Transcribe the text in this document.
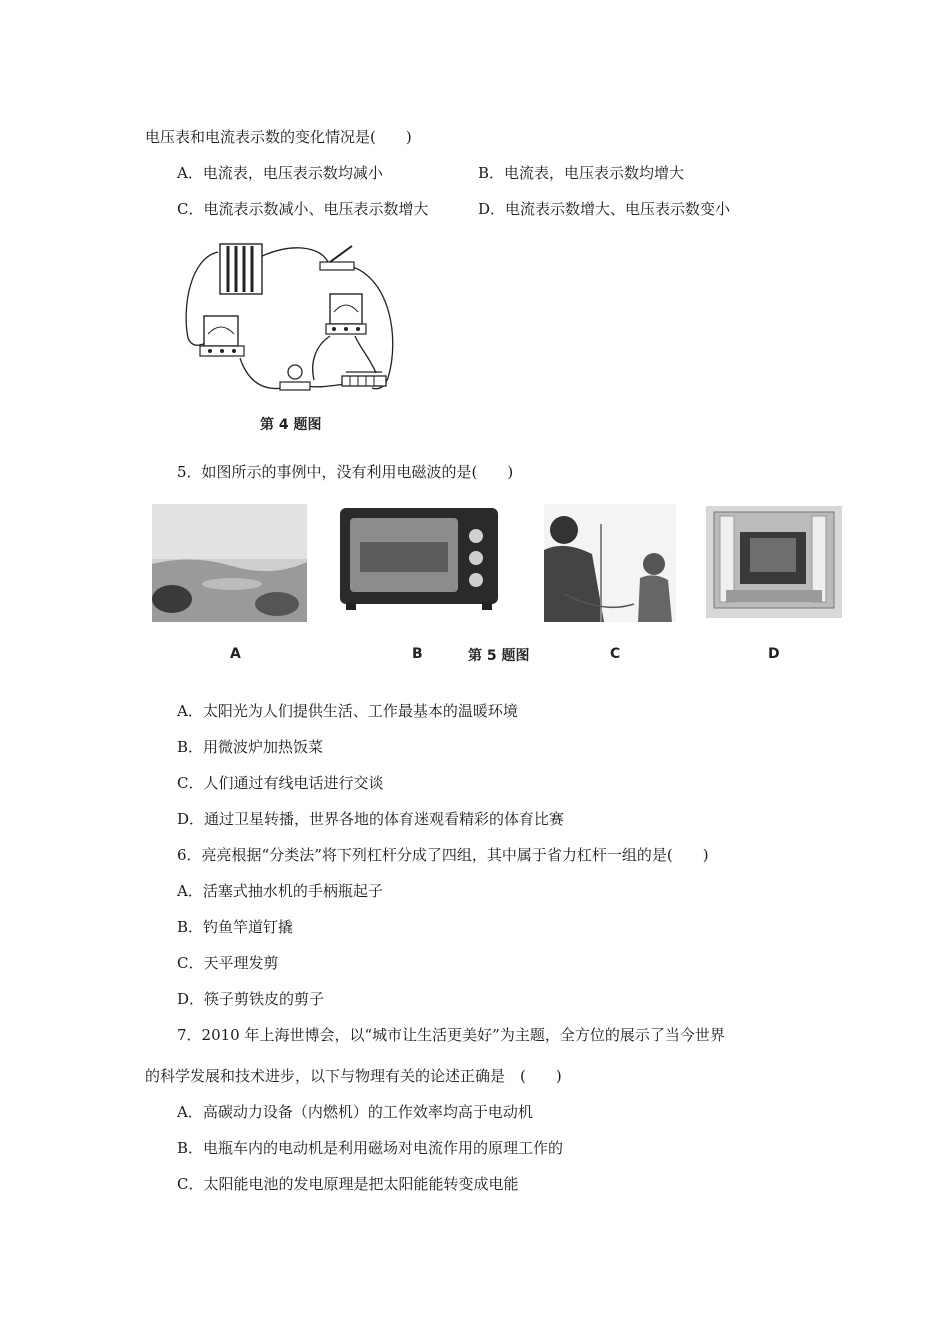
电压表和电流表示数的变化情况是(　　)
A．电流表，电压表示数均减小	B．电流表，电压表示数均增大
C．电流表示数减小、电压表示数增大	D．电流表示数增大、电压表示数变小
第 4 题图
5．如图所示的事例中，没有利用电磁波的是(　　)
A	B	第 5 题图	C	D
A．太阳光为人们提供生活、工作最基本的温暖环境
B．用微波炉加热饭菜
C．人们通过有线电话进行交谈
D．通过卫星转播，世界各地的体育迷观看精彩的体育比赛
6．亮亮根据“分类法”将下列杠杆分成了四组，其中属于省力杠杆一组的是(　　)
A．活塞式抽水机的手柄瓶起子
B．钓鱼竿道钉撬
C．天平理发剪
D．筷子剪铁皮的剪子
7．2010 年上海世博会，以“城市让生活更美好”为主题，全方位的展示了当今世界
的科学发展和技术进步，以下与物理有关的论述正确是　(　　)
A．高碳动力设备（内燃机）的工作效率均高于电动机
B．电瓶车内的电动机是利用磁场对电流作用的原理工作的
C．太阳能电池的发电原理是把太阳能能转变成电能
